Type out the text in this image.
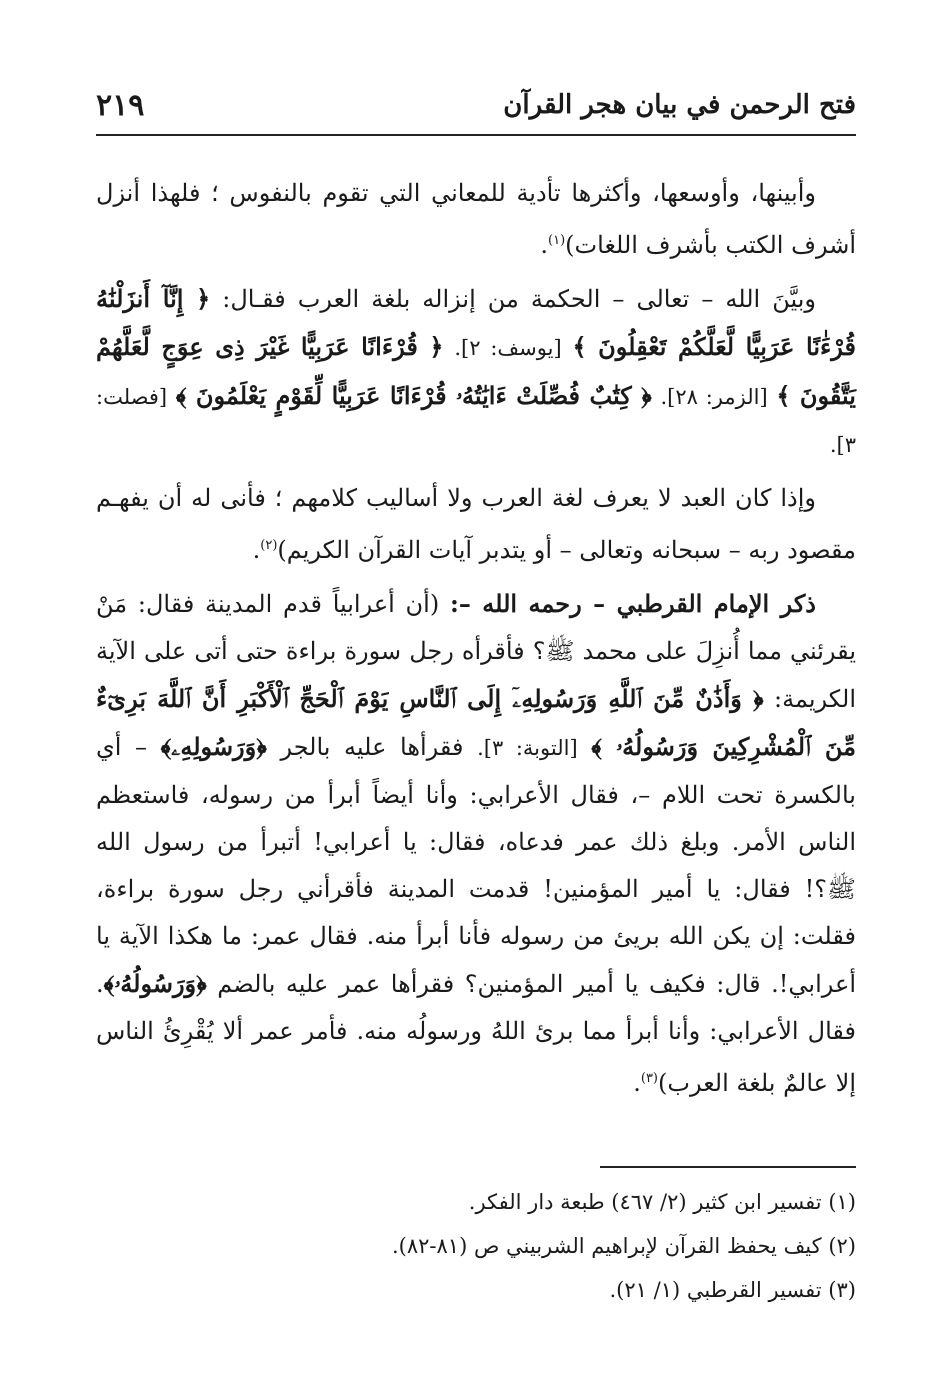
فتح الرحمن في بيان هجر القرآن
٢١٩

وأبينها، وأوسعها، وأكثرها تأدية للمعاني التي تقوم بالنفوس ؛ فلهذا أنزل أشرف الكتب بأشرف اللغات)$^{(١)}$.

وبيَّنَ الله – تعالى – الحكمة من إنزاله بلغة العرب فقـال: ﴿ إِنَّآ أَنزَلْنَٰهُ قُرْءَٰنًا عَرَبِيًّا لَّعَلَّكُمْ تَعْقِلُونَ ﴾ [يوسف: ٢]. ﴿ قُرْءَانًا عَرَبِيًّا غَيْرَ ذِى عِوَجٍ لَّعَلَّهُمْ يَتَّقُونَ ﴾ [الزمر: ٢٨]. ﴿ كِتَٰبٌ فُصِّلَتْ ءَايَٰتُهُۥ قُرْءَانًا عَرَبِيًّا لِّقَوْمٍ يَعْلَمُونَ ﴾ [فصلت: ٣].

وإذا كان العبد لا يعرف لغة العرب ولا أساليب كلامهم ؛ فأنى له أن يفهـم مقصود ربه – سبحانه وتعالى – أو يتدبر آيات القرآن الكريم)$^{(٢)}$.

ذكر الإمام القرطبي – رحمه الله –: (أن أعرابياً قدم المدينة فقال: مَنْ يقرئني مما أُنزِلَ على محمد ﷺ؟ فأقرأه رجل سورة براءة حتى أتى على الآية الكريمة: ﴿ وَأَذَٰنٌ مِّنَ ٱللَّهِ وَرَسُولِهِۦٓ إِلَى ٱلنَّاسِ يَوْمَ ٱلْحَجِّ ٱلْأَكْبَرِ أَنَّ ٱللَّهَ بَرِىٓءٌ مِّنَ ٱلْمُشْرِكِينَ وَرَسُولُهُۥ ﴾ [التوبة: ٣]. فقرأها عليه بالجر ﴿وَرَسُولِهِۦ﴾ – أي بالكسرة تحت اللام –، فقال الأعرابي: وأنا أيضاً أبرأ من رسوله، فاستعظم الناس الأمر. وبلغ ذلك عمر فدعاه، فقال: يا أعرابي! أتبرأ من رسول الله ﷺ؟! فقال: يا أمير المؤمنين! قدمت المدينة فأقرأني رجل سورة براءة، فقلت: إن يكن الله بريئ من رسوله فأنا أبرأ منه. فقال عمر: ما هكذا الآية يا أعرابي!. قال: فكيف يا أمير المؤمنين؟ فقرأها عمر عليه بالضم ﴿وَرَسُولُهُۥ﴾. فقال الأعرابي: وأنا أبرأ مما برئ اللهُ ورسولُه منه. فأمر عمر ألا يُقْرِئُ الناس إلا عالمٌ بلغة العرب)$^{(٣)}$.

(١) تفسير ابن كثير (٢/ ٤٦٧) طبعة دار الفكر.
(٢) كيف يحفظ القرآن لإبراهيم الشربيني ص (٨١-٨٢).
(٣) تفسير القرطبي (١/ ٢١).
